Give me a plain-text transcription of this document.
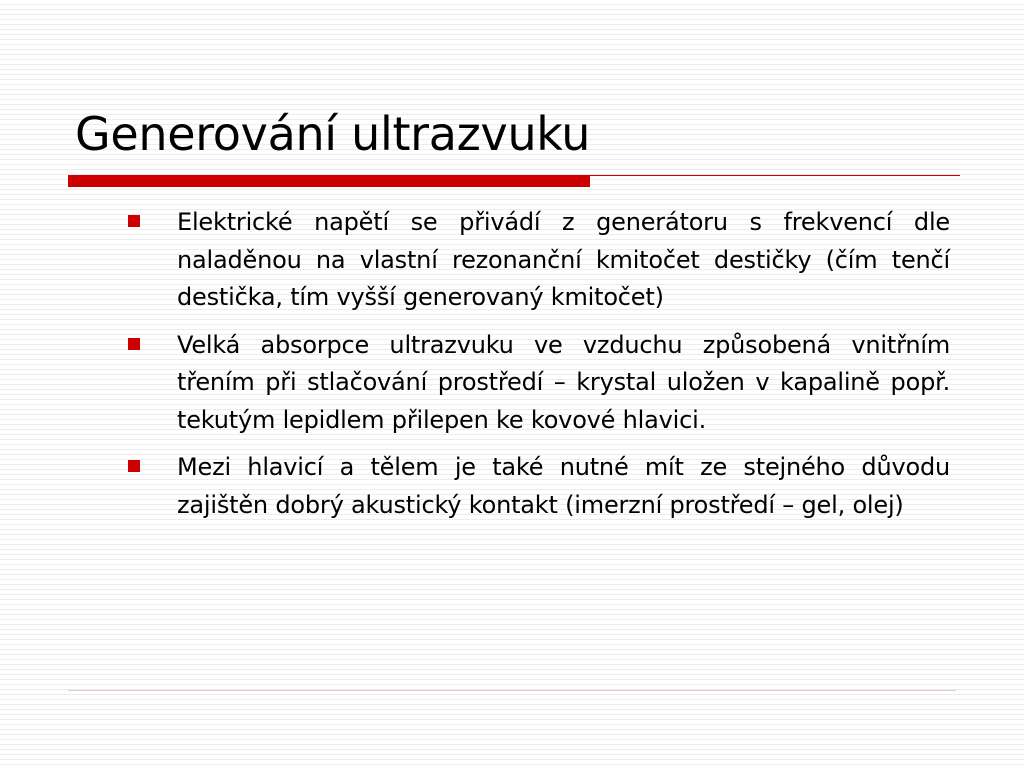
Generování ultrazvuku
Elektrické napětí se přivádí z generátoru s frekvencí dle naladěnou na vlastní rezonanční kmitočet destičky (čím tenčí destička, tím vyšší generovaný kmitočet)
Velká absorpce ultrazvuku ve vzduchu způsobená vnitřním třením při stlačování prostředí – krystal uložen v kapalině popř. tekutým lepidlem přilepen ke kovové hlavici.
Mezi hlavicí a tělem je také nutné mít ze stejného důvodu zajištěn dobrý akustický kontakt (imerzní prostředí – gel, olej)
